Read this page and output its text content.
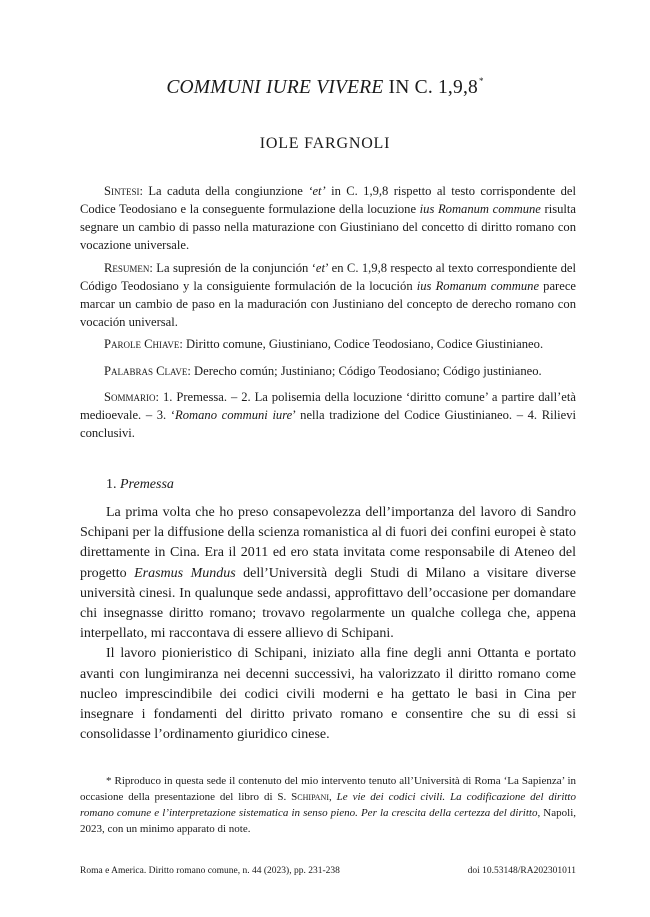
COMMUNI IURE VIVERE IN C. 1,9,8*
IOLE FARGNOLI
Sintesi: La caduta della congiunzione ‘et’ in C. 1,9,8 rispetto al testo corrispondente del Codice Teodosiano e la conseguente formulazione della locuzione ius Romanum commune risulta segnare un cambio di passo nella maturazione con Giustiniano del concetto di diritto romano con vocazione universale.
Resumen: La supresión de la conjunción ‘et’ en C. 1,9,8 respecto al texto correspondiente del Código Teodosiano y la consiguiente formulación de la locución ius Romanum commune parece marcar un cambio de paso en la maduración con Justiniano del concepto de derecho romano con vocación universal.
Parole Chiave: Diritto comune, Giustiniano, Codice Teodosiano, Codice Giustinianeo.
Palabras Clave: Derecho común; Justiniano; Código Teodosiano; Código justinianeo.
Sommario: 1. Premessa. – 2. La polisemia della locuzione ‘diritto comune’ a partire dall’età medioevale. – 3. ‘Romano communi iure’ nella tradizione del Codice Giustinianeo. – 4. Rilievi conclusivi.
1. Premessa

La prima volta che ho preso consapevolezza dell’importanza del lavoro di Sandro Schipani per la diffusione della scienza romanistica al di fuori dei confini europei è stato direttamente in Cina. Era il 2011 ed ero stata invitata come responsabile di Ateneo del progetto Erasmus Mundus dell’Università degli Studi di Milano a visitare diverse università cinesi. In qualunque sede andassi, approfittavo dell’occasione per domandare chi insegnasse diritto romano; trovavo regolarmente un qualche collega che, appena interpellato, mi raccontava di essere allievo di Schipani.

Il lavoro pionieristico di Schipani, iniziato alla fine degli anni Ottanta e portato avanti con lungimiranza nei decenni successivi, ha valorizzato il diritto romano come nucleo imprescindibile dei codici civili moderni e ha gettato le basi in Cina per insegnare i fondamenti del diritto privato romano e consentire che su di essi si consolidasse l’ordinamento giuridico cinese.

* Riproduco in questa sede il contenuto del mio intervento tenuto all’Università di Roma ‘La Sapienza’ in occasione della presentazione del libro di S. Schipani, Le vie dei codici civili. La codificazione del diritto romano comune e l’interpretazione sistematica in senso pieno. Per la crescita della certezza del diritto, Napoli, 2023, con un minimo apparato di note.
Roma e America. Diritto romano comune, n. 44 (2023), pp. 231-238	doi 10.53148/RA202301011
